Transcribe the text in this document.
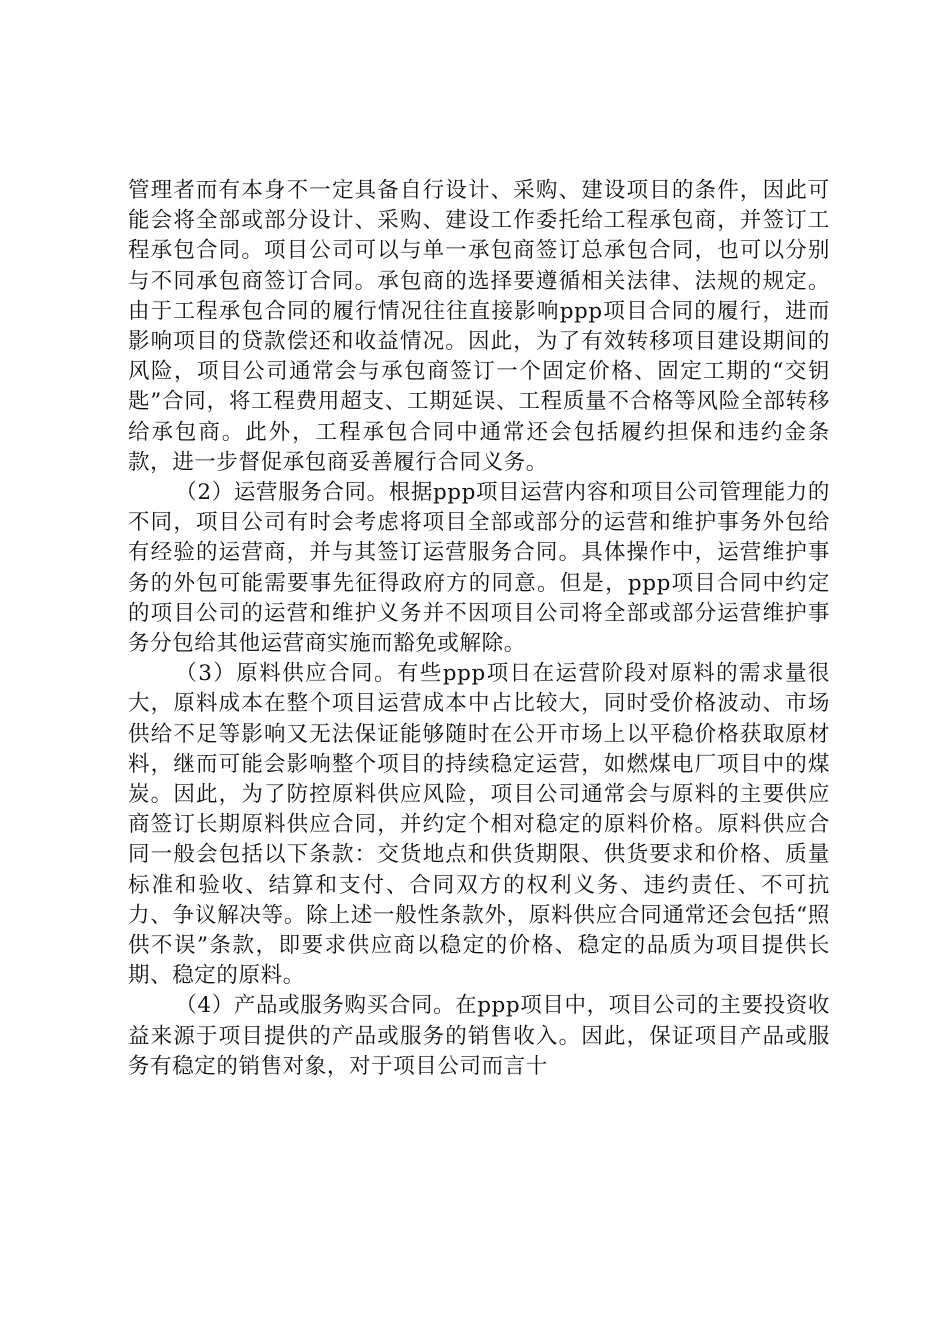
管理者而有本身不一定具备自行设计、采购、建设项目的条件，因此可能会将全部或部分设计、采购、建设工作委托给工程承包商，并签订工程承包合同。项目公司可以与单一承包商签订总承包合同，也可以分别与不同承包商签订合同。承包商的选择要遵循相关法律、法规的规定。由于工程承包合同的履行情况往往直接影响ppp项目合同的履行，进而影响项目的贷款偿还和收益情况。因此，为了有效转移项目建设期间的风险，项目公司通常会与承包商签订一个固定价格、固定工期的“交钥匙”合同，将工程费用超支、工期延误、工程质量不合格等风险全部转移给承包商。此外，工程承包合同中通常还会包括履约担保和违约金条款，进一步督促承包商妥善履行合同义务。

（2）运营服务合同。根据ppp项目运营内容和项目公司管理能力的不同，项目公司有时会考虑将项目全部或部分的运营和维护事务外包给有经验的运营商，并与其签订运营服务合同。具体操作中，运营维护事务的外包可能需要事先征得政府方的同意。但是，ppp项目合同中约定的项目公司的运营和维护义务并不因项目公司将全部或部分运营维护事务分包给其他运营商实施而豁免或解除。

（3）原料供应合同。有些ppp项日在运营阶段对原料的需求量很大，原料成本在整个项目运营成本中占比较大，同时受价格波动、市场供给不足等影响又无法保证能够随时在公开市场上以平稳价格获取原材料，继而可能会影响整个项目的持续稳定运营，如燃煤电厂项目中的煤炭。因此，为了防控原料供应风险，项目公司通常会与原料的主要供应商签订长期原料供应合同，并约定个相对稳定的原料价格。原料供应合同一般会包括以下条款：交货地点和供货期限、供货要求和价格、质量标准和验收、结算和支付、合同双方的权利义务、违约责任、不可抗力、争议解决等。除上述一般性条款外，原料供应合同通常还会包括“照供不误”条款，即要求供应商以稳定的价格、稳定的品质为项目提供长期、稳定的原料。

（4）产品或服务购买合同。在ppp项目中，项目公司的主要投资收益来源于项目提供的产品或服务的销售收入。因此，保证项目产品或服务有稳定的销售对象，对于项目公司而言十
